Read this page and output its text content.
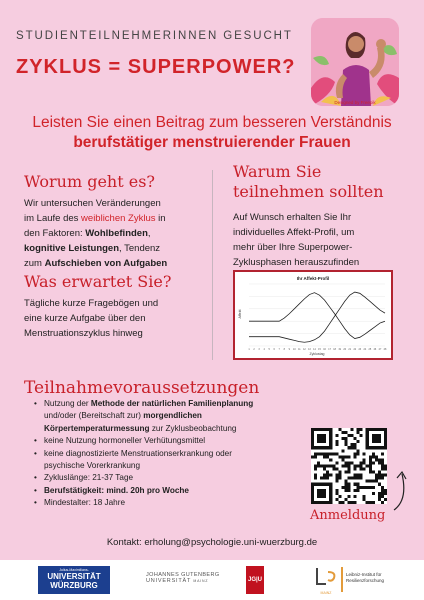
STUDIENTEILNEHMERINNEN GESUCHT
ZYKLUS = SUPERPOWER?
Designed by Freepik
Leisten Sie einen Beitrag zum besseren Verständnis
berufstätiger menstruierender Frauen
Worum geht es?
Wir untersuchen Veränderungen
im Laufe des weiblichen Zyklus in
den Faktoren: Wohlbefinden,
kognitive Leistungen, Tendenz
zum Aufschieben von Aufgaben
Warum Sie
teilnehmen sollten
Auf Wunsch erhalten Sie Ihr
individuelles Affekt-Profil, um
mehr über Ihre Superpower-
Zyklusphasen herauszufinden
Was erwartet Sie?
Tägliche kurze Fragebögen und
eine kurze Aufgabe über den
Menstruationszyklus hinweg
Ihr Affekt-Profil
Affekt
Zyklustag
1 2 3 4 5 6 7 8 9 10 11 12 13 14 15 16 17 18 19 20 21 22 23 24 25 26 27 28
Teilnahmevoraussetzungen
• Nutzung der Methode der natürlichen Familienplanung
und/oder (Bereitschaft zur) morgendlichen
Körpertemperaturmessung zur Zyklusbeobachtung
• keine Nutzung hormoneller Verhütungsmittel
• keine diagnostizierte Menstruationserkrankung oder
psychische Vorerkrankung
• Zykluslänge: 21-37 Tage
• Berufstätigkeit: mind. 20h pro Woche
• Mindestalter: 18 Jahre
Anmeldung
Kontakt: erholung@psychologie.uni-wuerzburg.de
Julius-Maximilians-
UNIVERSITÄT
WÜRZBURG
JOHANNES GUTENBERG
UNIVERSITÄT MAINZ	JG|U
MAINZ
Leibniz-Institut für
Resilienzforschung
